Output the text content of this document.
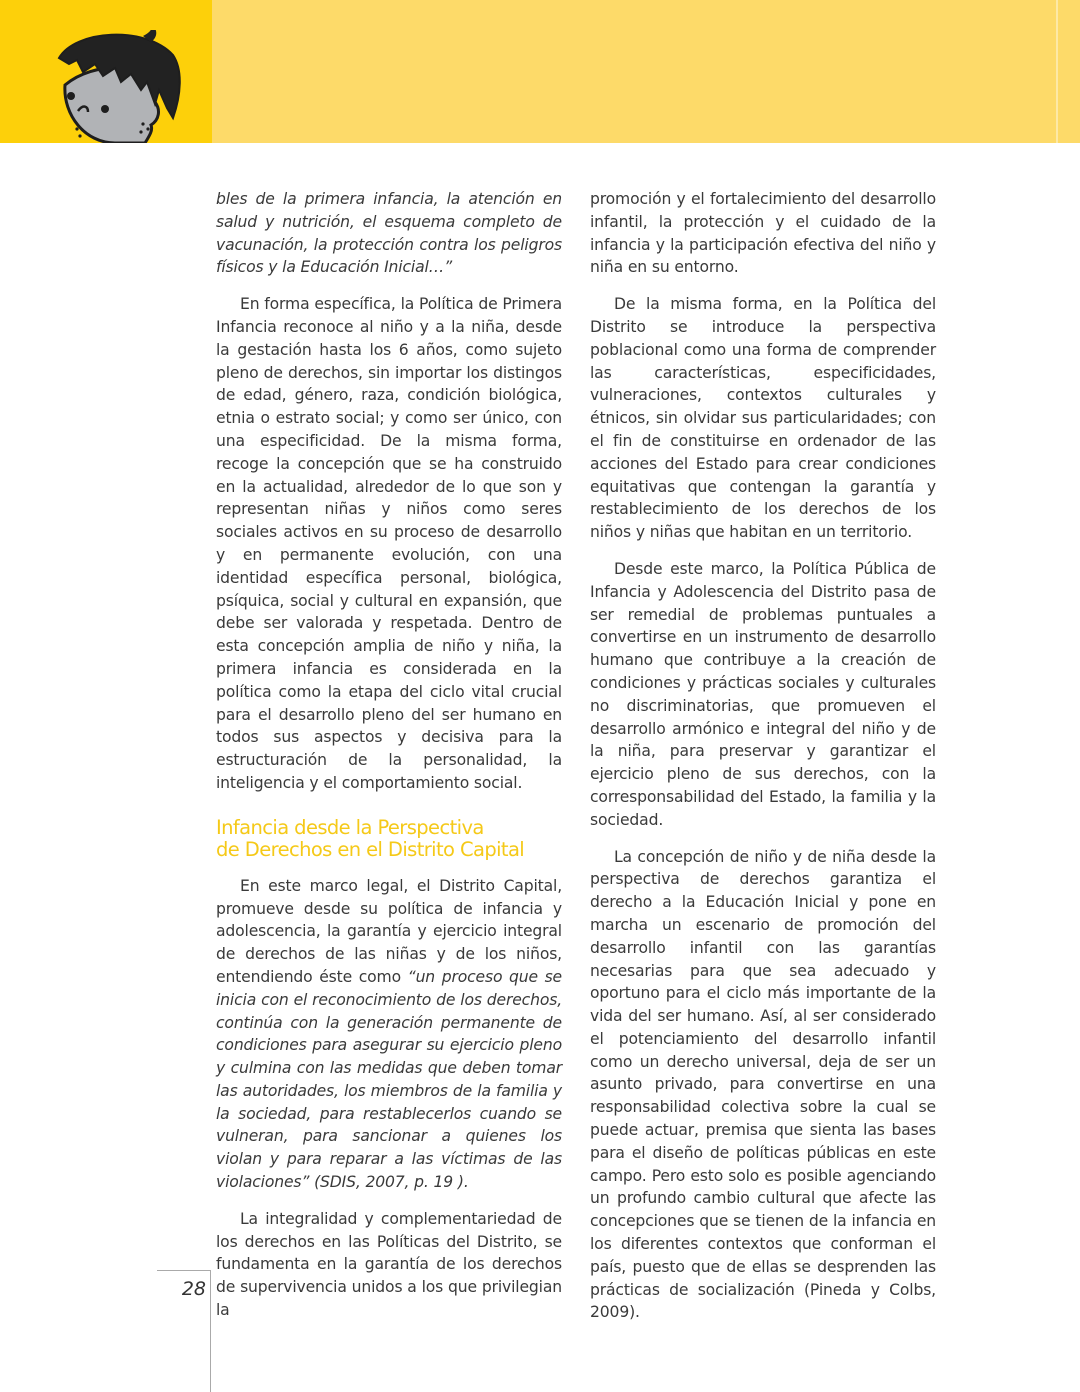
bles de la primera infancia, la atención en salud y nutrición, el esquema completo de vacunación, la protección contra los peligros físicos y la Educación Inicial…”

En forma específica, la Política de Primera Infancia reconoce al niño y a la niña, desde la gestación hasta los 6 años, como sujeto pleno de derechos, sin importar los distingos de edad, género, raza, condición biológica, etnia o estrato social; y como ser único, con una especificidad. De la misma forma, recoge la concepción que se ha construido en la actualidad, alrededor de lo que son y representan niñas y niños como seres sociales activos en su proceso de desarrollo y en permanente evolución, con una identidad específica personal, biológica, psíquica, social y cultural en expansión, que debe ser valorada y respetada. Dentro de esta concepción amplia de niño y niña, la primera infancia es considerada en la política como la etapa del ciclo vital crucial para el desarrollo pleno del ser humano en todos sus aspectos y decisiva para la estructuración de la personalidad, la inteligencia y el comportamiento social.

Infancia desde la Perspectiva
de Derechos en el Distrito Capital

En este marco legal, el Distrito Capital, promueve desde su política de infancia y adolescencia, la garantía y ejercicio integral de derechos de las niñas y de los niños, entendiendo éste como “un proceso que se inicia con el reconocimiento de los derechos, continúa con la generación permanente de condiciones para asegurar su ejercicio pleno y culmina con las medidas que deben tomar las autoridades, los miembros de la familia y la sociedad, para restablecerlos cuando se vulneran, para sancionar a quienes los violan y para reparar a las víctimas de las violaciones” (SDIS, 2007, p. 19 ).

La integralidad y complementariedad de los derechos en las Políticas del Distrito, se fundamenta en la garantía de los derechos de supervivencia unidos a los que privilegian la

promoción y el fortalecimiento del desarrollo infantil, la protección y el cuidado de la infancia y la participación efectiva del niño y niña en su entorno.

De la misma forma, en la Política del Distrito se introduce la perspectiva poblacional como una forma de comprender las características, especificidades, vulneraciones, contextos culturales y étnicos, sin olvidar sus particularidades; con el fin de constituirse en ordenador de las acciones del Estado para crear condiciones equitativas que contengan la garantía y restablecimiento de los derechos de los niños y niñas que habitan en un territorio.

Desde este marco, la Política Pública de Infancia y Adolescencia del Distrito pasa de ser remedial de problemas puntuales a convertirse en un instrumento de desarrollo humano que contribuye a la creación de condiciones y prácticas sociales y culturales no discriminatorias, que promueven el desarrollo armónico e integral del niño y de la niña, para preservar y garantizar el ejercicio pleno de sus derechos, con la corresponsabilidad del Estado, la familia y la sociedad.

La concepción de niño y de niña desde la perspectiva de derechos garantiza el derecho a la Educación Inicial y pone en marcha un escenario de promoción del desarrollo infantil con las garantías necesarias para que sea adecuado y oportuno para el ciclo más importante de la vida del ser humano. Así, al ser considerado el potenciamiento del desarrollo infantil como un derecho universal, deja de ser un asunto privado, para convertirse en una responsabilidad colectiva sobre la cual se puede actuar, premisa que sienta las bases para el diseño de políticas públicas en este campo. Pero esto solo es posible agenciando un profundo cambio cultural que afecte las concepciones que se tienen de la infancia en los diferentes contextos que conforman el país, puesto que de ellas se desprenden las prácticas de socialización (Pineda y Colbs, 2009).

28
